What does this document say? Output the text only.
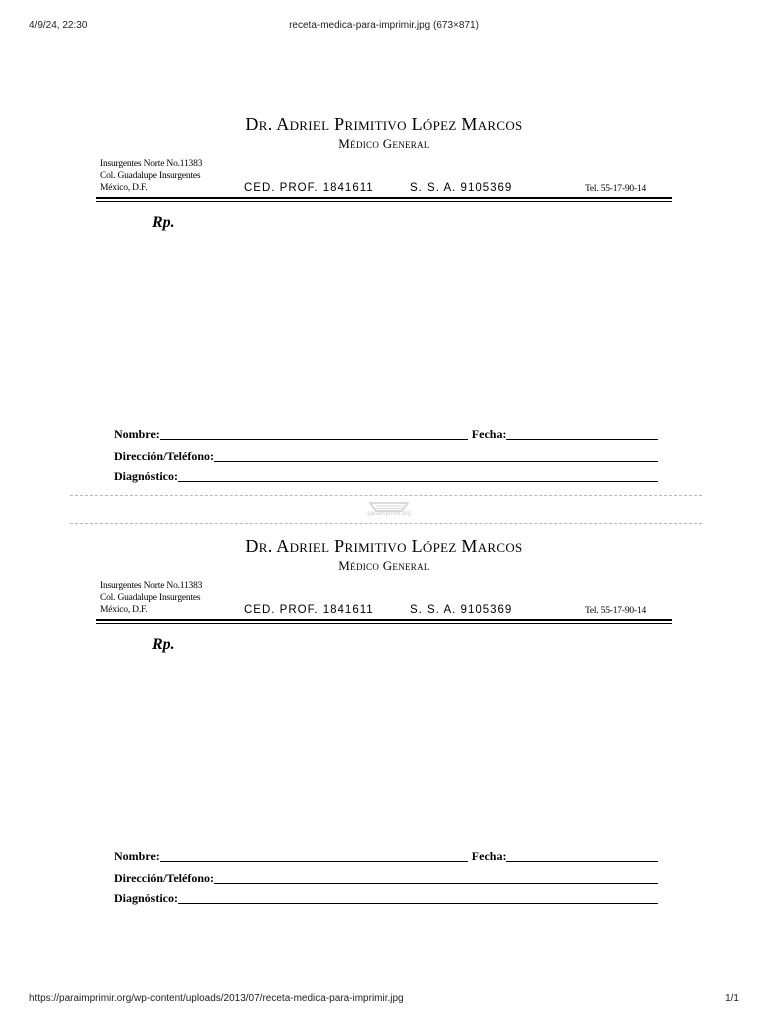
4/9/24, 22:30	receta-medica-para-imprimir.jpg (673×871)
Dr. Adriel Primitivo López Marcos
Médico General
Insurgentes Norte No.11383
Col. Guadalupe Insurgentes
México, D.F.	CED. PROF. 1841611	S. S. A. 9105369	Tel. 55-17-90-14
Rp.
Nombre:	Fecha:
Dirección/Teléfono:
Diagnóstico:
paraimprimir.org
Dr. Adriel Primitivo López Marcos
Médico General
Insurgentes Norte No.11383
Col. Guadalupe Insurgentes
México, D.F.	CED. PROF. 1841611	S. S. A. 9105369	Tel. 55-17-90-14
Rp.
Nombre:	Fecha:
Dirección/Teléfono:
Diagnóstico:
https://paraimprimir.org/wp-content/uploads/2013/07/receta-medica-para-imprimir.jpg	1/1
